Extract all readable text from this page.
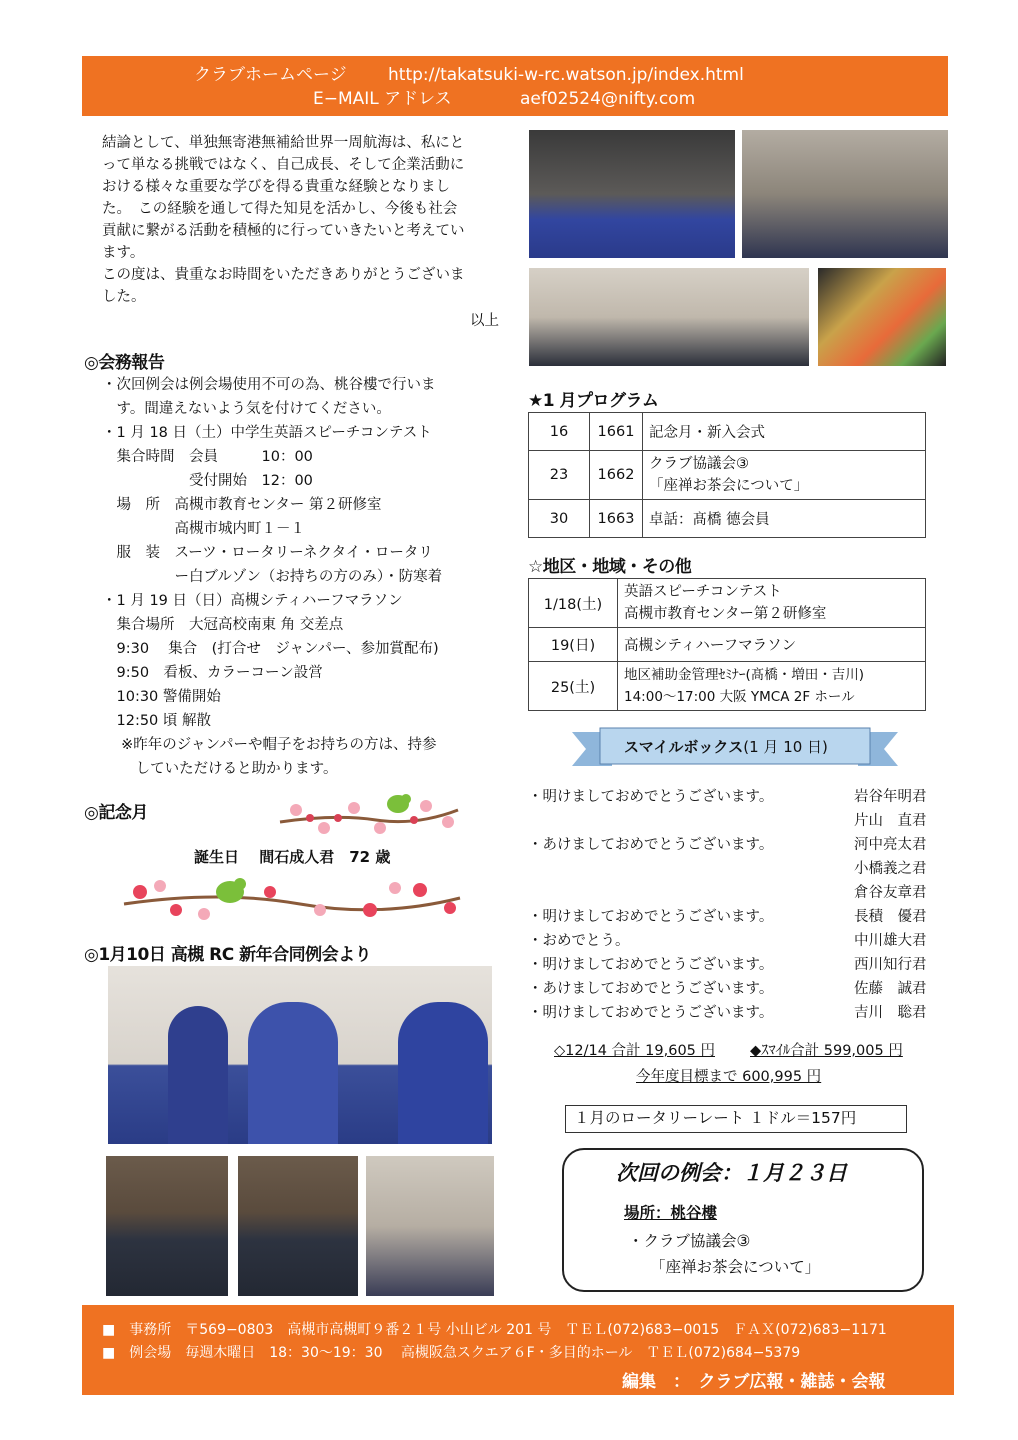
クラブホームページ http://takatsuki-w-rc.watson.jp/index.html
E−MAIL アドレス	aef02524@nifty.com
結論として、単独無寄港無補給世界一周航海は、私にと
って単なる挑戦ではなく、自己成長、そして企業活動に
おける様々な重要な学びを得る貴重な経験となりまし
た。　この経験を通して得た知見を活かし、今後も社会
貢献に繋がる活動を積極的に行っていきたいと考えてい
ます。
この度は、貴重なお時間をいただきありがとうございま
した。
以上
◎会務報告
・次回例会は例会場使用不可の為、桃谷樓で行いま
　す。間違えないよう気を付けてください。
・1 月 18 日（土）中学生英語スピーチコンテスト
　集合時間　会員　　　10：00
　　　　　　受付開始　12：00
　場　所　高槻市教育センター 第２研修室
　　　　　高槻市城内町１－１
　服　装　スーツ・ロータリーネクタイ・ロータリ
　　　　　ー白ブルゾン（お持ちの方のみ）・防寒着
・1 月 19 日（日）高槻シティハーフマラソン
　集合場所　大冠高校南東 角 交差点
　9:30　 集合　(打合せ　ジャンパー、参加賞配布)
　9:50　看板、カラーコーン設営
　10:30 警備開始
　12:50 頃 解散
　 ※昨年のジャンパーや帽子をお持ちの方は、持参
　　 していただけると助かります。
◎記念月
誕生日　 間石成人君　72 歳
◎1月10日 高槻 RC 新年合同例会より
★1 月プログラム
16	1661	記念月・新入会式
23	1662	クラブ協議会③
「座禅お茶会について」
30	1663	卓話：髙橋 德会員
☆地区・地域・その他
1/18(土)	英語スピーチコンテスト
高槻市教育センター第２研修室
19(日)	高槻シティハーフマラソン
25(土)	地区補助金管理ｾﾐﾅｰ(髙橋・増田・吉川)
14:00〜17:00 大阪 YMCA 2F ホール
スマイルボックス(1 月 10 日)
・明けましておめでとうございます。	岩谷年明君
片山　直君
・あけましておめでとうございます。	河中亮太君
小橋義之君
倉谷友章君
・明けましておめでとうございます。	長積　優君
・おめでとう。	中川雄大君
・明けましておめでとうございます。	西川知行君
・あけましておめでとうございます。	佐藤　誠君
・明けましておめでとうございます。	吉川　聡君
◇12/14 合計 19,605 円 ◆ｽﾏｲﾙ合計 599,005 円
今年度目標まで 600,995 円
１月のロータリーレート １ドル＝157円
次回の例会：１月２３日
場所：桃谷樓
・クラブ協議会③
「座禅お茶会について」
■　事務所　〒569−0803　高槻市高槻町９番２１号 小山ビル 201 号　ＴＥＬ(072)683−0015　ＦＡＸ(072)683−1171
■　例会場　毎週木曜日　18：30〜19：30　 高槻阪急スクエア６F・多目的ホール　ＴＥＬ(072)684−5379
編集　：　クラブ広報・雑誌・会報
